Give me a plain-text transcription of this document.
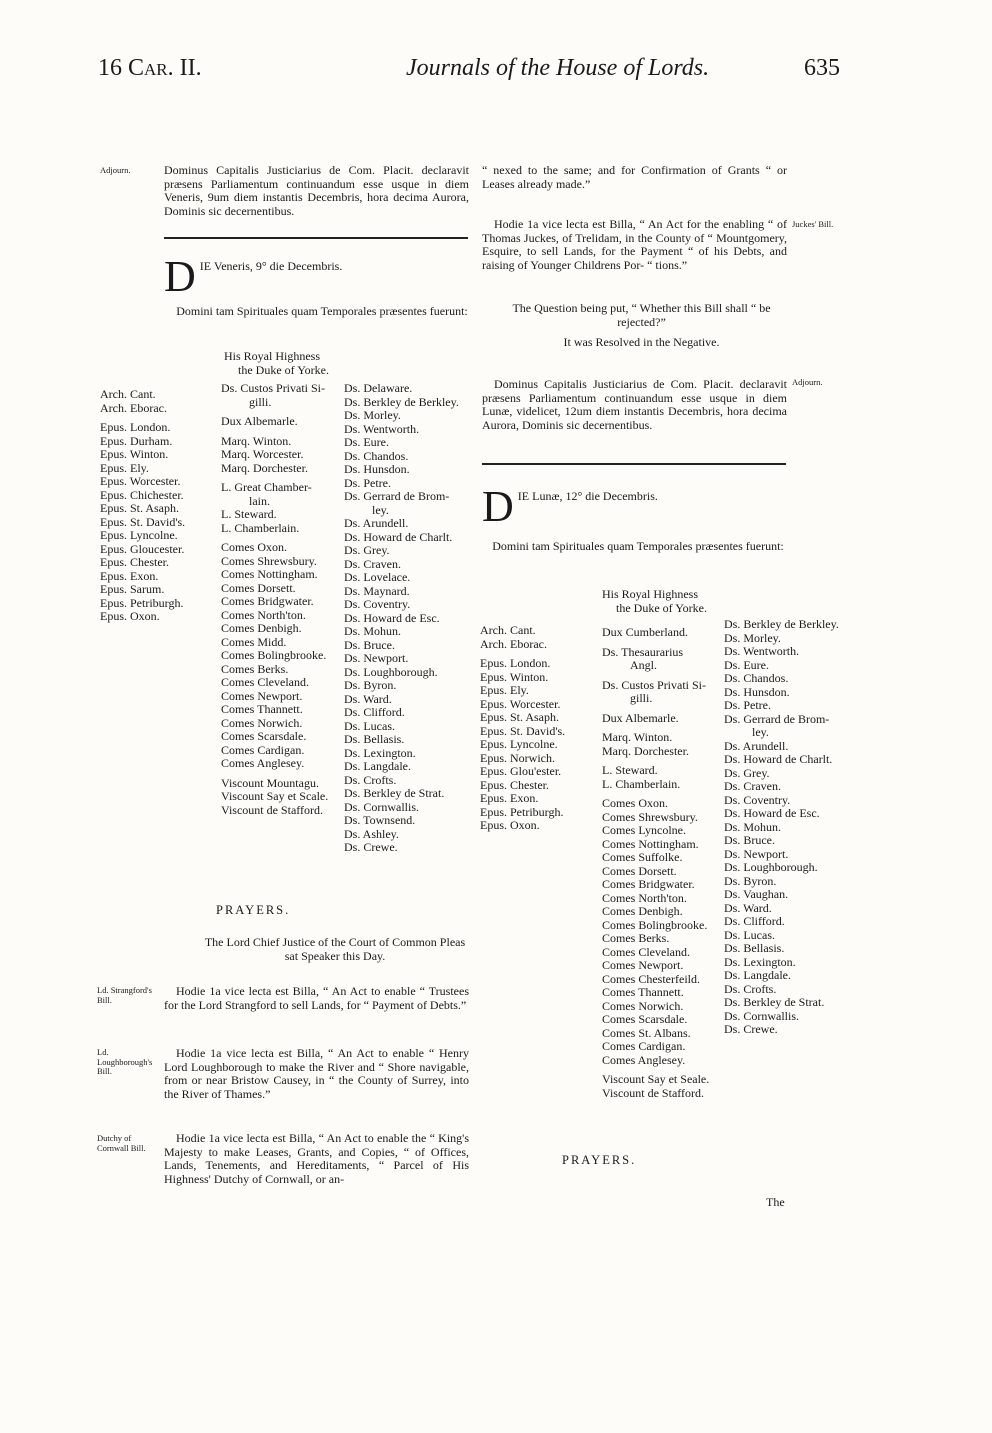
16 Car. II.	Journals of the House of Lords.	635
Adjourn.	Dominus Capitalis Justiciarius de Com. Placit. declaravit præsens Parliamentum continuandum esse usque in diem Veneris, 9um diem instantis Decembris, hora decima Aurora, Dominis sic decernentibus.
D IE Veneris, 9° die Decembris.
Domini tam Spirituales quam Temporales præsentes fuerunt:
His Royal Highness
the Duke of Yorke.
Arch. Cant.
Arch. Eborac.
Epus. London.
Epus. Durham.
Epus. Winton.
Epus. Ely.
Epus. Worcester.
Epus. Chichester.
Epus. St. Asaph.
Epus. St. David's.
Epus. Lyncolne.
Epus. Gloucester.
Epus. Chester.
Epus. Exon.
Epus. Sarum.
Epus. Petriburgh.
Epus. Oxon.
Ds. Custos Privati Si-
gilli.
Dux Albemarle.
Marq. Winton.
Marq. Worcester.
Marq. Dorchester.
L. Great Chamber-
lain.
L. Steward.
L. Chamberlain.
Comes Oxon.
Comes Shrewsbury.
Comes Nottingham.
Comes Dorsett.
Comes Bridgwater.
Comes North'ton.
Comes Denbigh.
Comes Midd.
Comes Bolingbrooke.
Comes Berks.
Comes Cleveland.
Comes Newport.
Comes Thannett.
Comes Norwich.
Comes Scarsdale.
Comes Cardigan.
Comes Anglesey.
Viscount Mountagu.
Viscount Say et Scale.
Viscount de Stafford.
Ds. Delaware.
Ds. Berkley de Berkley.
Ds. Morley.
Ds. Wentworth.
Ds. Eure.
Ds. Chandos.
Ds. Hunsdon.
Ds. Petre.
Ds. Gerrard de Brom-
ley.
Ds. Arundell.
Ds. Howard de Charlt.
Ds. Grey.
Ds. Craven.
Ds. Lovelace.
Ds. Maynard.
Ds. Coventry.
Ds. Howard de Esc.
Ds. Mohun.
Ds. Bruce.
Ds. Newport.
Ds. Loughborough.
Ds. Byron.
Ds. Ward.
Ds. Clifford.
Ds. Lucas.
Ds. Bellasis.
Ds. Lexington.
Ds. Langdale.
Ds. Crofts.
Ds. Berkley de Strat.
Ds. Cornwallis.
Ds. Townsend.
Ds. Ashley.
Ds. Crewe.
PRAYERS.
The Lord Chief Justice of the Court of Common Pleas sat Speaker this Day.
Ld. Strangford's Bill.
Hodie 1a vice lecta est Billa, “ An Act to enable “ Trustees for the Lord Strangford to sell Lands, for “ Payment of Debts.”
Ld. Loughborough's Bill.
Hodie 1a vice lecta est Billa, “ An Act to enable “ Henry Lord Loughborough to make the River and “ Shore navigable, from or near Bristow Causey, in “ the County of Surrey, into the River of Thames.”
Dutchy of Cornwall Bill.
Hodie 1a vice lecta est Billa, “ An Act to enable the “ King's Majesty to make Leases, Grants, and Copies, “ of Offices, Lands, Tenements, and Hereditaments, “ Parcel of His Highness' Dutchy of Cornwall, or an-
“ nexed to the same; and for Confirmation of Grants “ or Leases already made.”
Juckes' Bill.
Hodie 1a vice lecta est Billa, “ An Act for the enabling “ of Thomas Juckes, of Trelidam, in the County of “ Mountgomery, Esquire, to sell Lands, for the Payment “ of his Debts, and raising of Younger Childrens Por- “ tions.”
The Question being put, “ Whether this Bill shall “ be rejected?”
It was Resolved in the Negative.
Adjourn.
Dominus Capitalis Justiciarius de Com. Placit. declaravit præsens Parliamentum continuandum esse usque in diem Lunæ, videlicet, 12um diem instantis Decembris, hora decima Aurora, Dominis sic decernentibus.
D IE Lunæ, 12° die Decembris.
Domini tam Spirituales quam Temporales præsentes fuerunt:
His Royal Highness
the Duke of Yorke.
Arch. Cant.
Arch. Eborac.
Epus. London.
Epus. Winton.
Epus. Ely.
Epus. Worcester.
Epus. St. Asaph.
Epus. St. David's.
Epus. Lyncolne.
Epus. Norwich.
Epus. Glou'ester.
Epus. Chester.
Epus. Exon.
Epus. Petriburgh.
Epus. Oxon.
Dux Cumberland.
Ds. Thesaurarius
Angl.
Ds. Custos Privati Si-
gilli.
Dux Albemarle.
Marq. Winton.
Marq. Dorchester.
L. Steward.
L. Chamberlain.
Comes Oxon.
Comes Shrewsbury.
Comes Lyncolne.
Comes Nottingham.
Comes Suffolke.
Comes Dorsett.
Comes Bridgwater.
Comes North'ton.
Comes Denbigh.
Comes Bolingbrooke.
Comes Berks.
Comes Cleveland.
Comes Newport.
Comes Chesterfeild.
Comes Thannett.
Comes Norwich.
Comes Scarsdale.
Comes St. Albans.
Comes Cardigan.
Comes Anglesey.
Viscount Say et Seale.
Viscount de Stafford.
Ds. Berkley de Berkley.
Ds. Morley.
Ds. Wentworth.
Ds. Eure.
Ds. Chandos.
Ds. Hunsdon.
Ds. Petre.
Ds. Gerrard de Brom-
ley.
Ds. Arundell.
Ds. Howard de Charlt.
Ds. Grey.
Ds. Craven.
Ds. Coventry.
Ds. Howard de Esc.
Ds. Mohun.
Ds. Bruce.
Ds. Newport.
Ds. Loughborough.
Ds. Byron.
Ds. Vaughan.
Ds. Ward.
Ds. Clifford.
Ds. Lucas.
Ds. Bellasis.
Ds. Lexington.
Ds. Langdale.
Ds. Crofts.
Ds. Berkley de Strat.
Ds. Cornwallis.
Ds. Crewe.
PRAYERS.
The
